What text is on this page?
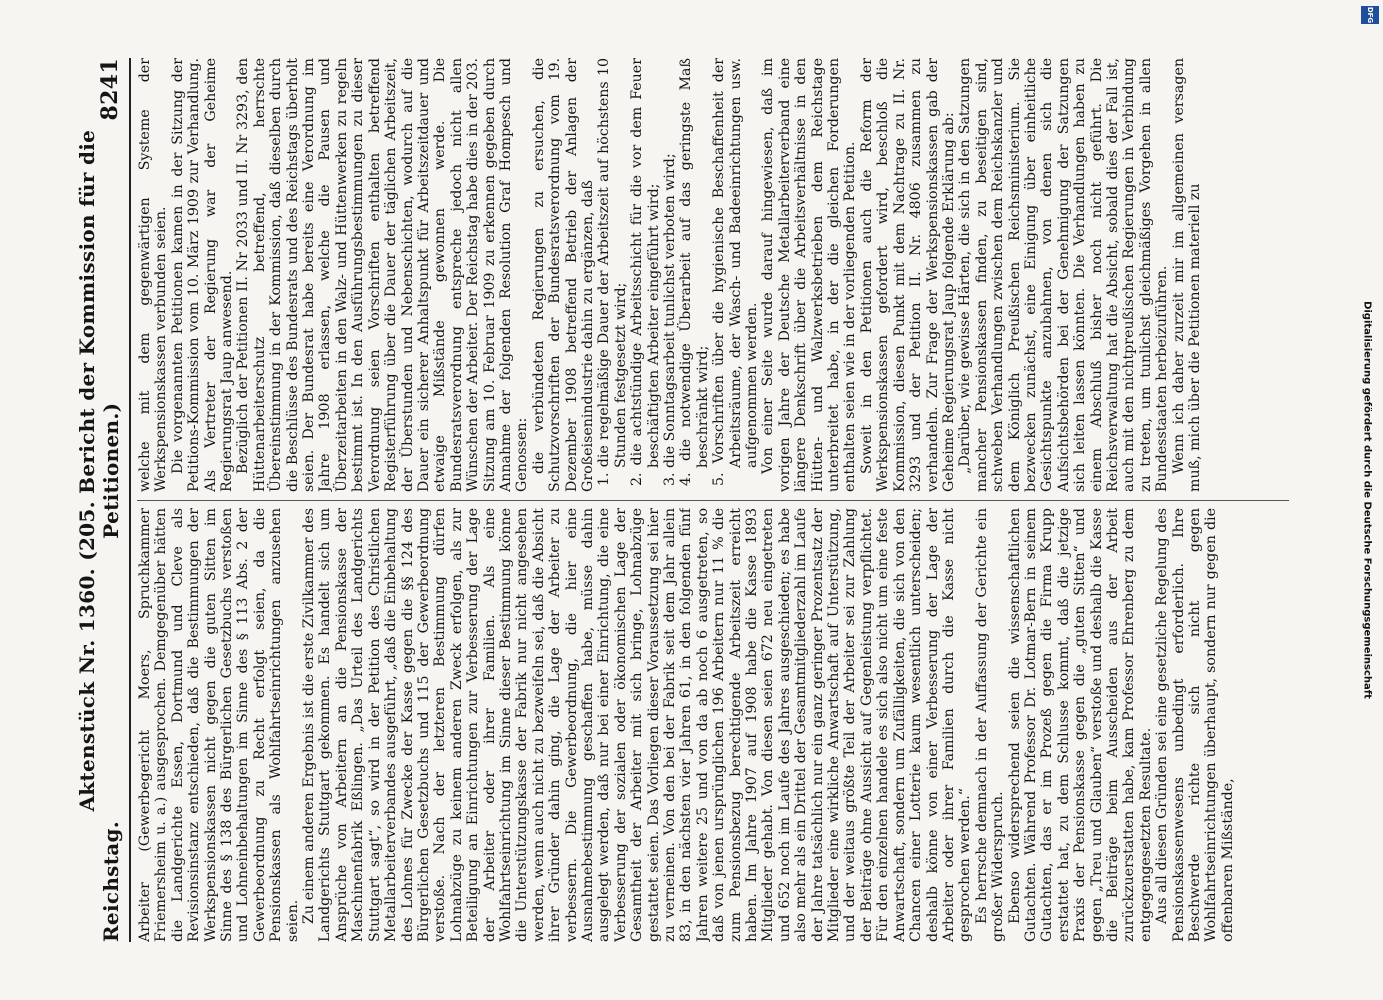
Reichstag.
Aktenstück Nr. 1360. (205. Bericht der Kommission für die Petitionen.)
8241

Arbeiter (Gewerbegericht Moers, Spruchkammer Friemersheim u. a.) ausgesprochen. Demgegenüber hätten die Landgerichte Essen, Dortmund und Cleve als Revisionsinstanz entschieden, daß die Bestimmungen der Werkspensionskassen nicht gegen die guten Sitten im Sinne des § 138 des Bürgerlichen Gesetzbuchs verstoßen und Lohneinbehaltungen im Sinne des § 113 Abs. 2 der Gewerbeordnung zu Recht erfolgt seien, da die Pensionskassen als Wohlfahrtseinrichtungen anzusehen seien. Zu einem anderen Ergebnis ist die erste Zivilkammer des Landgerichts Stuttgart gekommen. Es handelt sich um Ansprüche von Arbeitern an die Pensionskasse der Maschinenfabrik Eßlingen. „Das Urteil des Landgerichts Stuttgart sagt“, so wird in der Petition des Christlichen Metallarbeiterverbandes ausgeführt, „daß die Einbehaltung des Lohnes für Zwecke der Kasse gegen die §§ 124 des Bürgerlichen Gesetzbuchs und 115 der Gewerbeordnung verstoße. Nach der letzteren Bestimmung dürfen Lohnabzüge zu keinem anderen Zweck erfolgen, als zur Beteiligung an Einrichtungen zur Verbesserung der Lage der Arbeiter oder ihrer Familien. Als eine Wohlfahrtseinrichtung im Sinne dieser Bestimmung könne die Unterstützungskasse der Fabrik nur nicht angesehen werden, wenn auch nicht zu bezweifeln sei, daß die Absicht ihrer Gründer dahin ging, die Lage der Arbeiter zu verbessern. Die Gewerbeordnung, die hier eine Ausnahmebestimmung geschaffen habe, müsse dahin ausgelegt werden, daß nur bei einer Einrichtung, die eine Verbesserung der sozialen oder ökonomischen Lage der Gesamtheit der Arbeiter mit sich bringe, Lohnabzüge gestattet seien. Das Vorliegen dieser Voraussetzung sei hier zu verneinen. Von den bei der Fabrik seit dem Jahr allein 83, in den nächsten vier Jahren 61, in den folgenden fünf Jahren weitere 25 und von da ab noch 6 ausgetreten, so daß von jenen ursprünglichen 196 Arbeitern nur 11 % die zum Pensionsbezug berechtigende Arbeitszeit erreicht haben. Im Jahre 1907 auf 1908 habe die Kasse 1893 Mitglieder gehabt. Von diesen seien 672 neu eingetreten und 652 noch im Laufe des Jahres ausgeschieden; es habe also mehr als ein Drittel der Gesamtmitgliederzahl im Laufe der Jahre tatsächlich nur ein ganz geringer Prozentsatz der Mitglieder eine wirkliche Anwartschaft auf Unterstützung, und der weitaus größte Teil der Arbeiter sei zur Zahlung der Beiträge ohne Aussicht auf Gegenleistung verpflichtet. Für den einzelnen handele es sich also nicht um eine feste Anwartschaft, sondern um Zufälligkeiten, die sich von den Chancen einer Lotterie kaum wesentlich unterscheiden; deshalb könne von einer Verbesserung der Lage der Arbeiter oder ihrer Familien durch die Kasse nicht gesprochen werden.“ Es herrsche demnach in der Auffassung der Gerichte ein großer Widerspruch. Ebenso widersprechend seien die wissenschaftlichen Gutachten. Während Professor Dr. Lotmar-Bern in seinem Gutachten, das er im Prozeß gegen die Firma Krupp erstattet hat, zu dem Schlusse kommt, daß die jetzige Praxis der Pensionskasse gegen die „guten Sitten“ und gegen „Treu und Glauben“ verstoße und deshalb die Kasse die Beiträge beim Ausscheiden aus der Arbeit zurückzuerstatten habe, kam Professor Ehrenberg zu dem entgegengesetzten Resultate. Aus all diesen Gründen sei eine gesetzliche Regelung des Pensionskassenwesens unbedingt erforderlich. Ihre Beschwerde richte sich nicht gegen Wohlfahrtseinrichtungen überhaupt, sondern nur gegen die offenbaren Mißstände,

welche mit dem gegenwärtigen Systeme der Werkspensionskassen verbunden seien. Die vorgenannten Petitionen kamen in der Sitzung der Petitions-Kommission vom 10. März 1909 zur Verhandlung. Als Vertreter der Regierung war der Geheime Regierungsrat Jaup anwesend. Bezüglich der Petitionen II. Nr 2033 und II. Nr 3293, den Hüttenarbeiterschutz betreffend, herrschte Übereinstimmung in der Kommission, daß dieselben durch die Beschlüsse des Bundesrats und des Reichstags überholt seien. Der Bundesrat habe bereits eine Verordnung im Jahre 1908 erlassen, welche die Pausen und Überzeitarbeiten in den Walz- und Hüttenwerken zu regeln bestimmt ist. In den Ausführungsbestimmungen zu dieser Verordnung seien Vorschriften enthalten betreffend Registerführung über die Dauer der täglichen Arbeitszeit, der Überstunden und Nebenschichten, wodurch auf die Dauer ein sicherer Anhaltspunkt für Arbeitszeitdauer und etwaige Mißstände gewonnen werde. Die Bundesratsverordnung entspreche jedoch nicht allen Wünschen der Arbeiter. Der Reichstag habe dies in der 203. Sitzung am 10. Februar 1909 zu erkennen gegeben durch Annahme der folgenden Resolution Graf Hompesch und Genossen: die verbündeten Regierungen zu ersuchen, die Schutzvorschriften der Bundesratsverordnung vom 19. Dezember 1908 betreffend Betrieb der Anlagen der Großeisenindustrie dahin zu ergänzen, daß 1. die regelmäßige Dauer der Arbeitszeit auf höchstens 10 Stunden festgesetzt wird; 2. die achtstündige Arbeitsschicht für die vor dem Feuer beschäftigten Arbeiter eingeführt wird; 3. die Sonntagsarbeit tunlichst verboten wird; 4. die notwendige Überarbeit auf das geringste Maß beschränkt wird; 5. Vorschriften über die hygienische Beschaffenheit der Arbeitsräume, der Wasch- und Badeeinrichtungen usw. aufgenommen werden. Von einer Seite wurde darauf hingewiesen, daß im vorigen Jahre der Deutsche Metallarbeiterverband eine längere Denkschrift über die Arbeitsverhältnisse in den Hütten- und Walzwerksbetrieben dem Reichstage unterbreitet habe, in der die gleichen Forderungen enthalten seien wie in der vorliegenden Petition. Soweit in den Petitionen auch die Reform der Werkspensionskassen gefordert wird, beschloß die Kommission, diesen Punkt mit dem Nachtrage zu II. Nr. 3293 und der Petition II. Nr. 4806 zusammen zu verhandeln. Zur Frage der Werkspensionskassen gab der Geheime Regierungsrat Jaup folgende Erklärung ab: „Darüber, wie gewisse Härten, die sich in den Satzungen mancher Pensionskassen finden, zu beseitigen sind, schweben Verhandlungen zwischen dem Reichskanzler und dem Königlich Preußischen Reichsministerium. Sie bezwecken zunächst, eine Einigung über einheitliche Gesichtspunkte anzubahnen, von denen sich die Aufsichtsbehörden bei der Genehmigung der Satzungen sich leiten lassen könnten. Die Verhandlungen haben zu einem Abschluß bisher noch nicht geführt. Die Reichsverwaltung hat die Absicht, sobald dies der Fall ist, auch mit den nichtpreußischen Regierungen in Verbindung zu treten, um tunlichst gleichmäßiges Vorgehen in allen Bundesstaaten herbeizuführen. Wenn ich daher zurzeit mir im allgemeinen versagen muß, mich über die Petitionen materiell zu	Digitalisierung gefördert durch die Deutsche Forschungsgemeinschaft
DFG
